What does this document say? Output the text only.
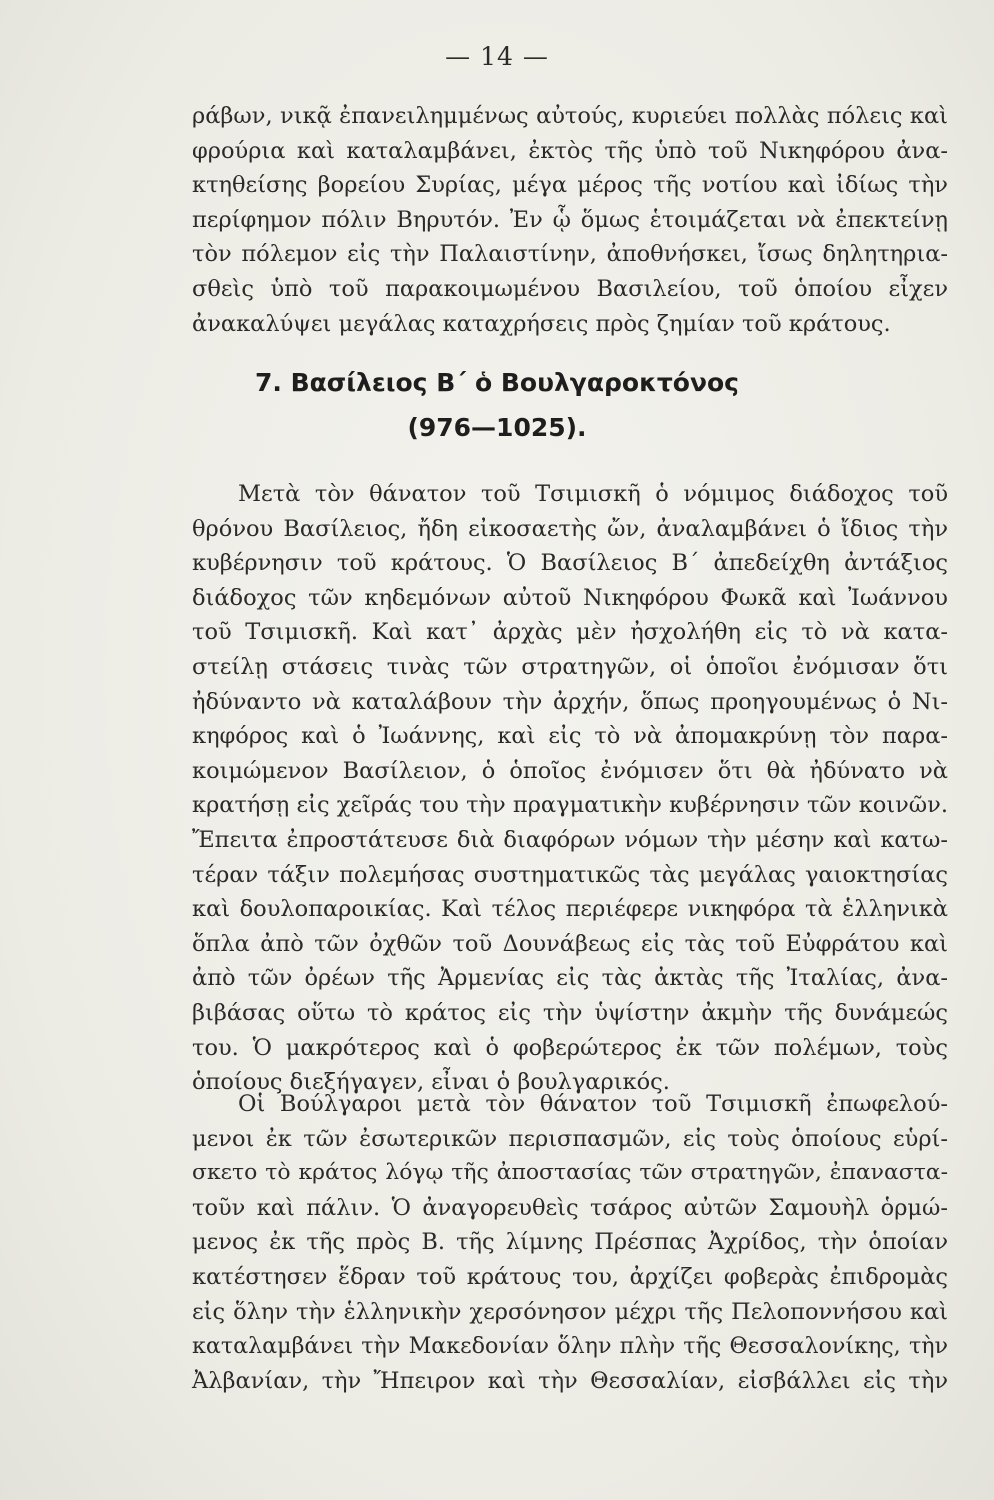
— 14 —
ράβων, νικᾷ ἐπανειλημμένως αὐτούς, κυριεύει πολλὰς πόλεις καὶ
φρούρια καὶ καταλαμβάνει, ἐκτὸς τῆς ὑπὸ τοῦ Νικηφόρου ἀνα-
κτηθείσης βορείου Συρίας, μέγα μέρος τῆς νοτίου καὶ ἰδίως τὴν
περίφημον πόλιν Βηρυτόν. Ἐν ᾧ ὅμως ἑτοιμάζεται νὰ ἐπεκτείνῃ
τὸν πόλεμον εἰς τὴν Παλαιστίνην, ἀποθνήσκει, ἴσως δηλητηρια-
σθεὶς ὑπὸ τοῦ παρακοιμωμένου Βασιλείου, τοῦ ὁποίου εἶχεν
ἀνακαλύψει μεγάλας καταχρήσεις πρὸς ζημίαν τοῦ κράτους.
7. Βασίλειος Β΄ ὁ Βουλγαροκτόνος
(976—1025).
Μετὰ τὸν θάνατον τοῦ Τσιμισκῆ ὁ νόμιμος διάδοχος τοῦ
θρόνου Βασίλειος, ἤδη εἰκοσαετὴς ὤν, ἀναλαμβάνει ὁ ἴδιος τὴν
κυβέρνησιν τοῦ κράτους. Ὁ Βασίλειος Β΄ ἀπεδείχθη ἀντάξιος
διάδοχος τῶν κηδεμόνων αὐτοῦ Νικηφόρου Φωκᾶ καὶ Ἰωάννου
τοῦ Τσιμισκῆ. Καὶ κατ᾽ ἀρχὰς μὲν ἠσχολήθη εἰς τὸ νὰ κατα-
στείλῃ στάσεις τινὰς τῶν στρατηγῶν, οἱ ὁποῖοι ἐνόμισαν ὅτι
ἠδύναντο νὰ καταλάβουν τὴν ἀρχήν, ὅπως προηγουμένως ὁ Νι-
κηφόρος καὶ ὁ Ἰωάννης, καὶ εἰς τὸ νὰ ἀπομακρύνῃ τὸν παρα-
κοιμώμενον Βασίλειον, ὁ ὁποῖος ἐνόμισεν ὅτι θὰ ἠδύνατο νὰ
κρατήσῃ εἰς χεῖράς του τὴν πραγματικὴν κυβέρνησιν τῶν κοινῶν.
Ἔπειτα ἐπροστάτευσε διὰ διαφόρων νόμων τὴν μέσην καὶ κατω-
τέραν τάξιν πολεμήσας συστηματικῶς τὰς μεγάλας γαιοκτησίας
καὶ δουλοπαροικίας. Καὶ τέλος περιέφερε νικηφόρα τὰ ἑλληνικὰ
ὅπλα ἀπὸ τῶν ὀχθῶν τοῦ Δουνάβεως εἰς τὰς τοῦ Εὐφράτου καὶ
ἀπὸ τῶν ὀρέων τῆς Ἀρμενίας εἰς τὰς ἀκτὰς τῆς Ἰταλίας, ἀνα-
βιβάσας οὕτω τὸ κράτος εἰς τὴν ὑψίστην ἀκμὴν τῆς δυνάμεώς
του. Ὁ μακρότερος καὶ ὁ φοβερώτερος ἐκ τῶν πολέμων, τοὺς
ὁποίους διεξήγαγεν, εἶναι ὁ βουλγαρικός.
Οἱ Βούλγαροι μετὰ τὸν θάνατον τοῦ Τσιμισκῆ ἐπωφελού-
μενοι ἐκ τῶν ἐσωτερικῶν περισπασμῶν, εἰς τοὺς ὁποίους εὑρί-
σκετο τὸ κράτος λόγῳ τῆς ἀποστασίας τῶν στρατηγῶν, ἐπαναστα-
τοῦν καὶ πάλιν. Ὁ ἀναγορευθεὶς τσάρος αὐτῶν Σαμουὴλ ὁρμώ-
μενος ἐκ τῆς πρὸς Β. τῆς λίμνης Πρέσπας Ἀχρίδος, τὴν ὁποίαν
κατέστησεν ἕδραν τοῦ κράτους του, ἀρχίζει φοβερὰς ἐπιδρομὰς
εἰς ὅλην τὴν ἑλληνικὴν χερσόνησον μέχρι τῆς Πελοποννήσου καὶ
καταλαμβάνει τὴν Μακεδονίαν ὅλην πλὴν τῆς Θεσσαλονίκης, τὴν
Ἀλβανίαν, τὴν Ἤπειρον καὶ τὴν Θεσσαλίαν, εἰσβάλλει εἰς τὴν
